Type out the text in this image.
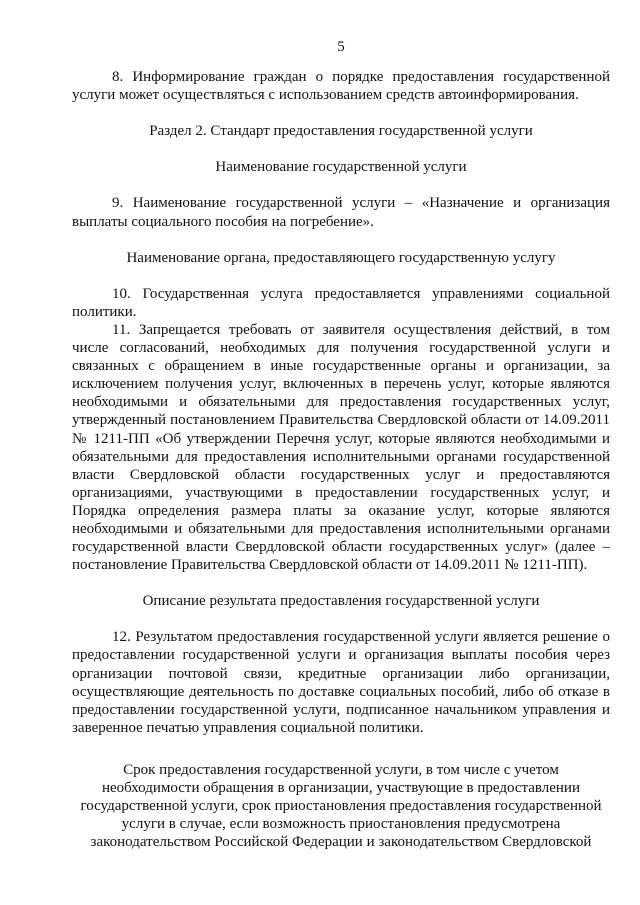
5

8. Информирование граждан о порядке предоставления государственной услуги может осуществляться с использованием средств автоинформирования.

Раздел 2. Стандарт предоставления государственной услуги

Наименование государственной услуги

9. Наименование государственной услуги – «Назначение и организация выплаты социального пособия на погребение».

Наименование органа, предоставляющего государственную услугу

10. Государственная услуга предоставляется управлениями социальной политики.

11. Запрещается требовать от заявителя осуществления действий, в том числе согласований, необходимых для получения государственной услуги и связанных с обращением в иные государственные органы и организации, за исключением получения услуг, включенных в перечень услуг, которые являются необходимыми и обязательными для предоставления государственных услуг, утвержденный постановлением Правительства Свердловской области от 14.09.2011 № 1211-ПП «Об утверждении Перечня услуг, которые являются необходимыми и обязательными для предоставления исполнительными органами государственной власти Свердловской области государственных услуг и предоставляются организациями, участвующими в предоставлении государственных услуг, и Порядка определения размера платы за оказание услуг, которые являются необходимыми и обязательными для предоставления исполнительными органами государственной власти Свердловской области государственных услуг» (далее – постановление Правительства Свердловской области от 14.09.2011 № 1211-ПП).

Описание результата предоставления государственной услуги

12. Результатом предоставления государственной услуги является решение о предоставлении государственной услуги и организация выплаты пособия через организации почтовой связи, кредитные организации либо организации, осуществляющие деятельность по доставке социальных пособий, либо об отказе в предоставлении государственной услуги, подписанное начальником управления и заверенное печатью управления социальной политики.

Срок предоставления государственной услуги, в том числе с учетом

необходимости обращения в организации, участвующие в предоставлении

государственной услуги, срок приостановления предоставления государственной

услуги в случае, если возможность приостановления предусмотрена

законодательством Российской Федерации и законодательством Свердловской
